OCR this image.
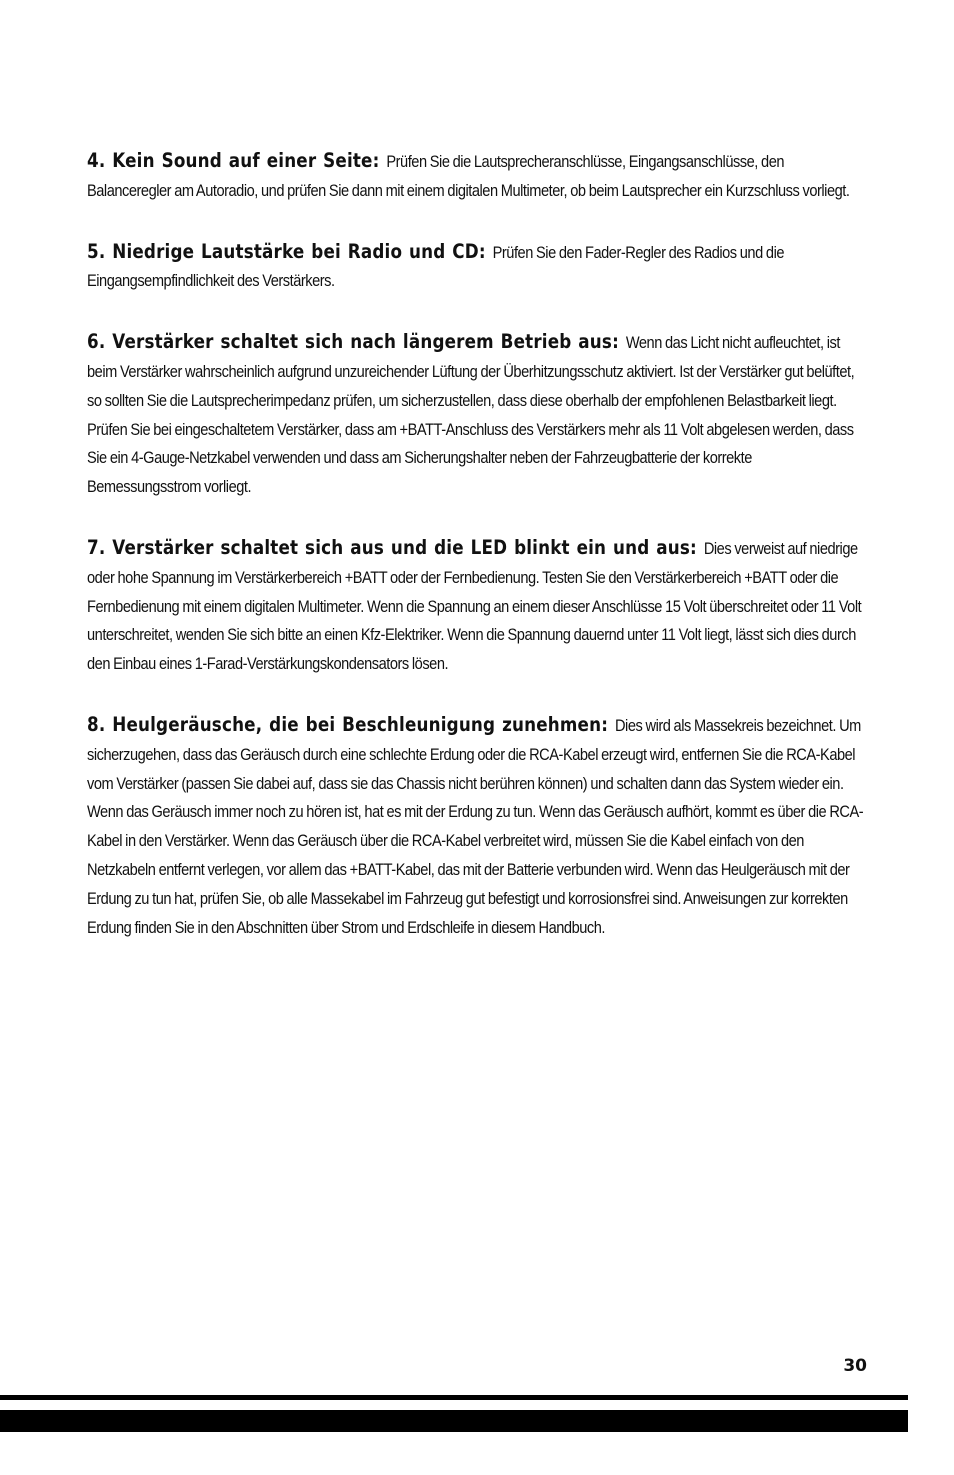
4. Kein Sound auf einer Seite: Prüfen Sie die Lautsprecheranschlüsse, Eingangsanschlüsse, den Balanceregler am Autoradio, und prüfen Sie dann mit einem digitalen Multimeter, ob beim Lautsprecher ein Kurzschluss vorliegt.

5. Niedrige Lautstärke bei Radio und CD: Prüfen Sie den Fader-Regler des Radios und die Eingangsempfindlichkeit des Verstärkers.

6. Verstärker schaltet sich nach längerem Betrieb aus: Wenn das Licht nicht aufleuchtet, ist beim Verstärker wahrscheinlich aufgrund unzureichender Lüftung der Überhitzungsschutz aktiviert. Ist der Verstärker gut belüftet, so sollten Sie die Lautsprecherimpedanz prüfen, um sicherzustellen, dass diese oberhalb der empfohlenen Belastbarkeit liegt. Prüfen Sie bei eingeschaltetem Verstärker, dass am +BATT-Anschluss des Verstärkers mehr als 11 Volt abgelesen werden, dass Sie ein 4-Gauge-Netzkabel verwenden und dass am Sicherungshalter neben der Fahrzeugbatterie der korrekte Bemessungsstrom vorliegt.

7. Verstärker schaltet sich aus und die LED blinkt ein und aus: Dies verweist auf niedrige oder hohe Spannung im Verstärkerbereich +BATT oder der Fernbedienung. Testen Sie den Verstärkerbereich +BATT oder die Fernbedienung mit einem digitalen Multimeter. Wenn die Spannung an einem dieser Anschlüsse 15 Volt überschreitet oder 11 Volt unterschreitet, wenden Sie sich bitte an einen Kfz-Elektriker. Wenn die Spannung dauernd unter 11 Volt liegt, lässt sich dies durch den Einbau eines 1-Farad-Verstärkungskondensators lösen.

8. Heulgeräusche, die bei Beschleunigung zunehmen: Dies wird als Massekreis bezeichnet. Um sicherzugehen, dass das Geräusch durch eine schlechte Erdung oder die RCA-Kabel erzeugt wird, entfernen Sie die RCA-Kabel vom Verstärker (passen Sie dabei auf, dass sie das Chassis nicht berühren können) und schalten dann das System wieder ein. Wenn das Geräusch immer noch zu hören ist, hat es mit der Erdung zu tun. Wenn das Geräusch aufhört, kommt es über die RCA-Kabel in den Verstärker. Wenn das Geräusch über die RCA-Kabel verbreitet wird, müssen Sie die Kabel einfach von den Netzkabeln entfernt verlegen, vor allem das +BATT-Kabel, das mit der Batterie verbunden wird. Wenn das Heulgeräusch mit der Erdung zu tun hat, prüfen Sie, ob alle Massekabel im Fahrzeug gut befestigt und korrosionsfrei sind. Anweisungen zur korrekten Erdung finden Sie in den Abschnitten über Strom und Erdschleife in diesem Handbuch.

30
